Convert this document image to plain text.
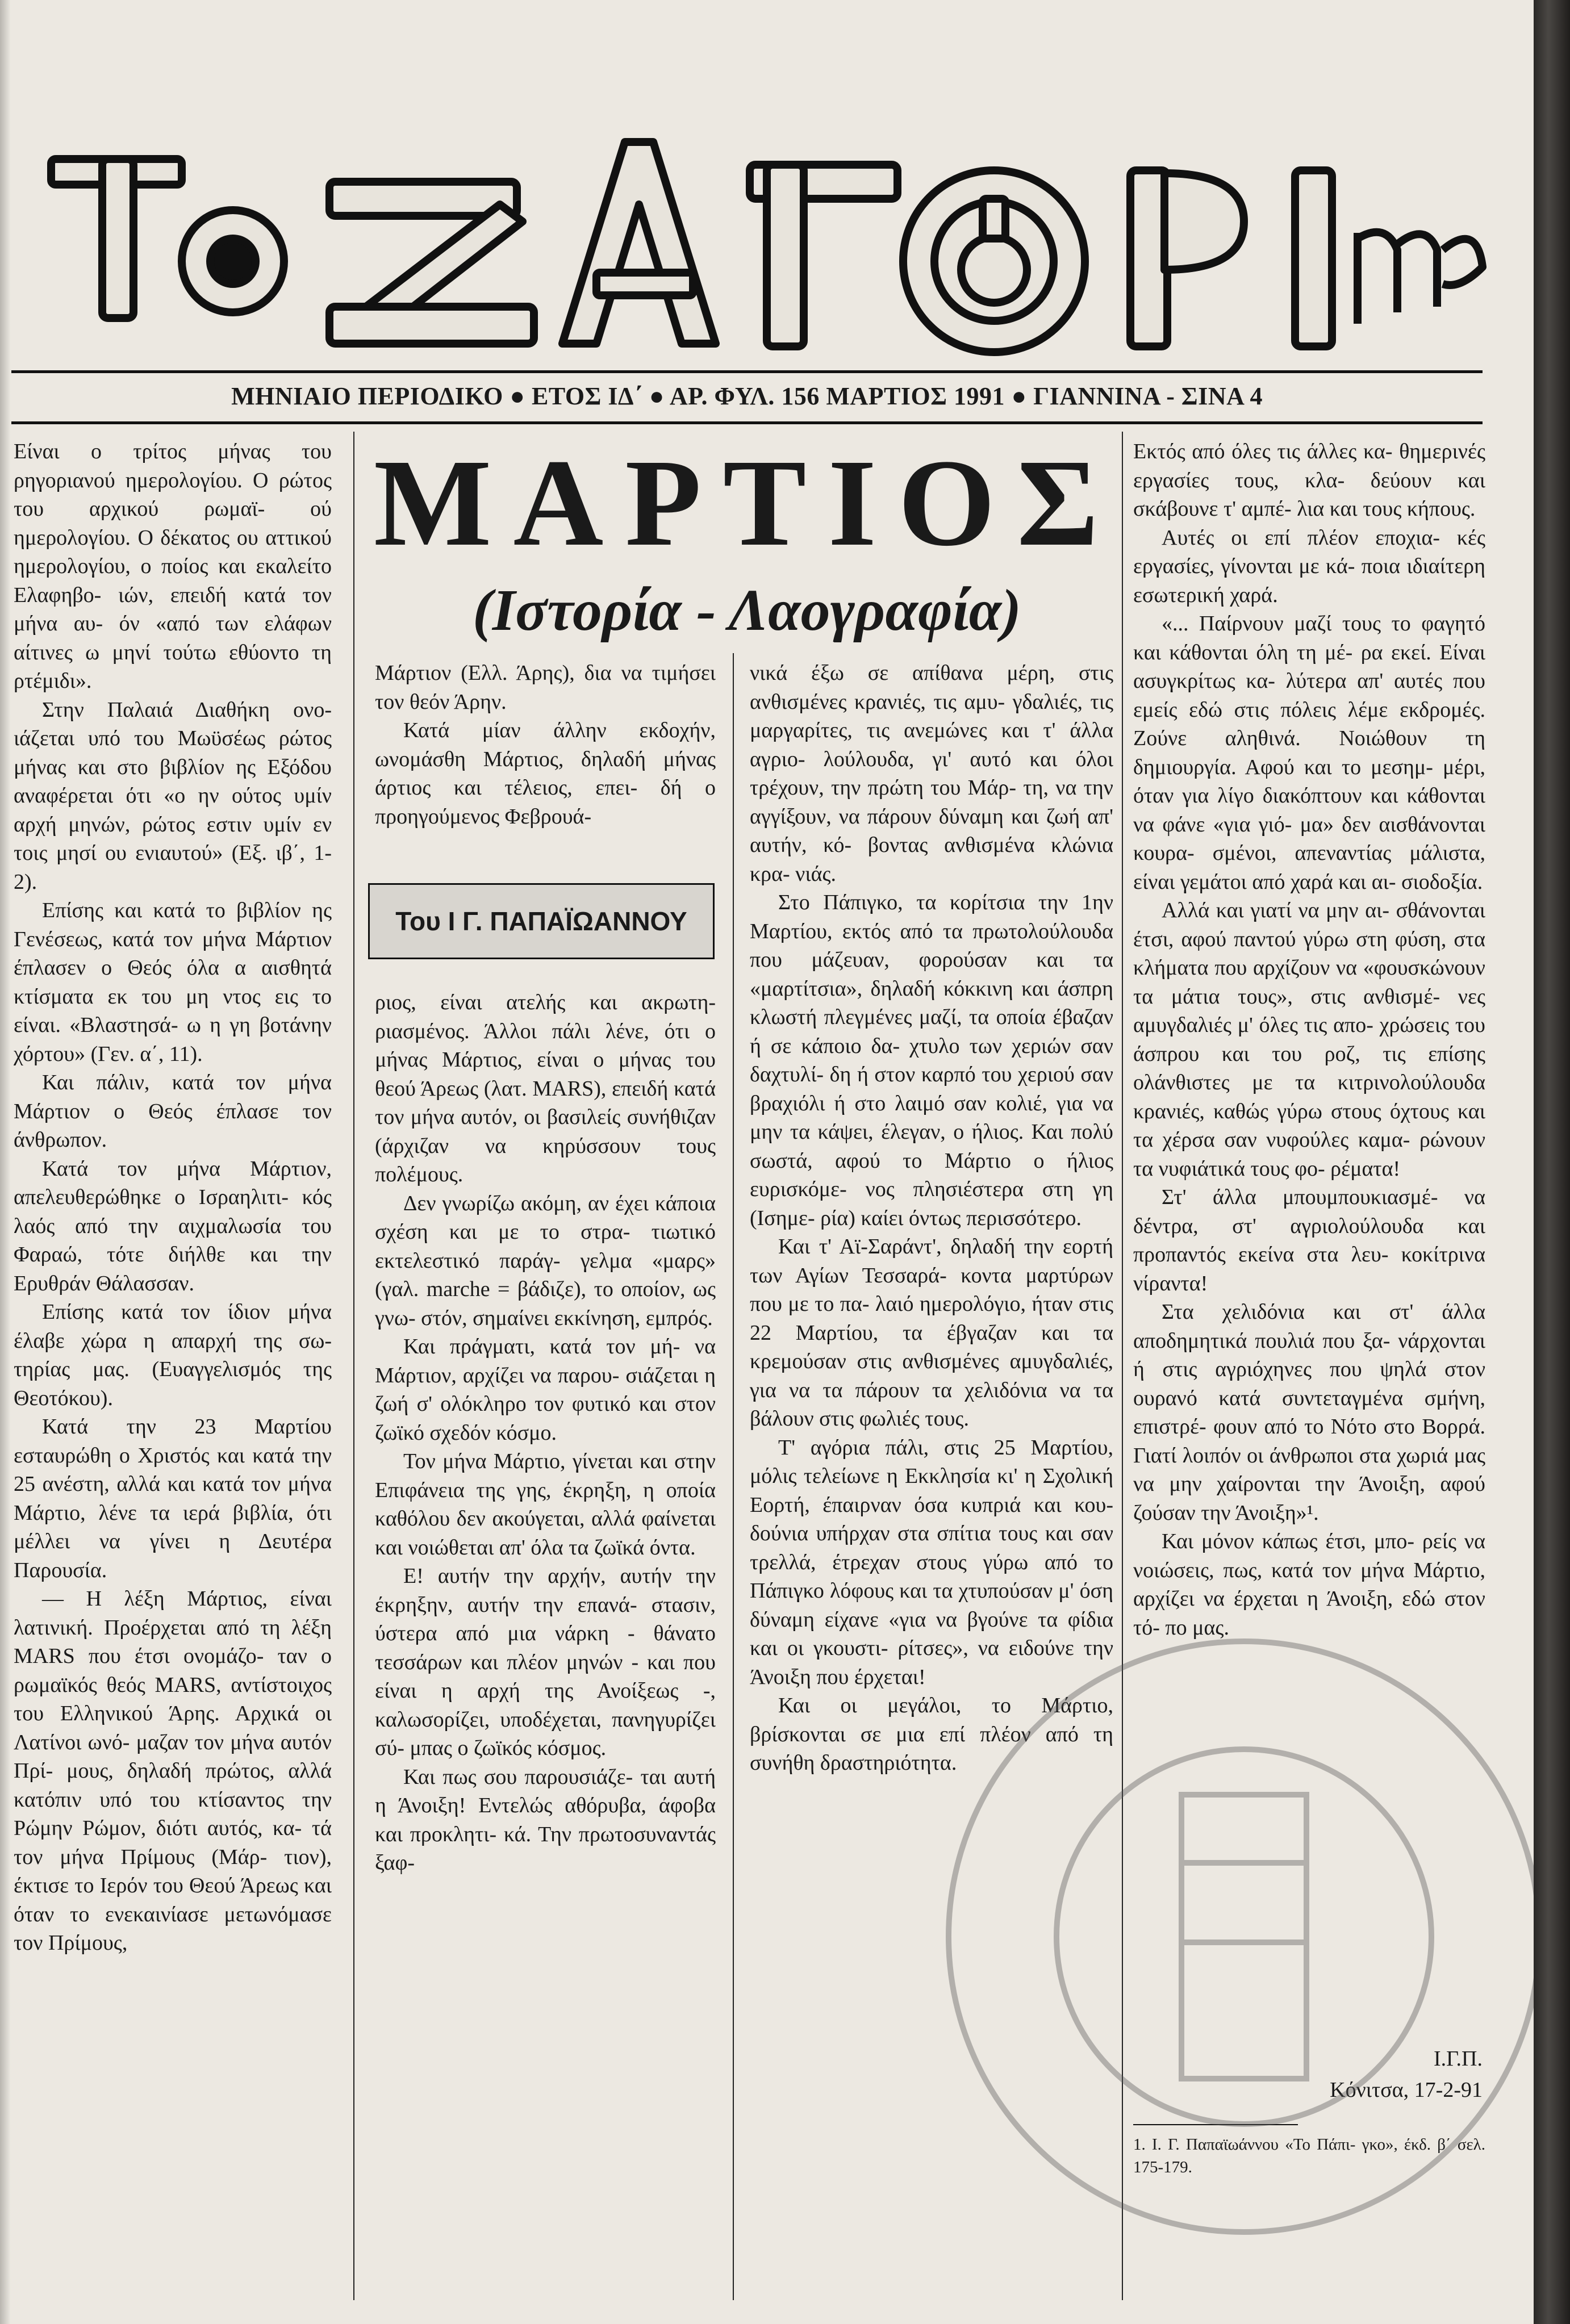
ΜΗΝΙΑΙΟ ΠΕΡΙΟΔΙΚΟ ● ΕΤΟΣ ΙΔ΄ ● ΑΡ. ΦΥΛ. 156 ΜΑΡΤΙΟΣ 1991 ● ΓΙΑΝΝΙΝΑ - ΣΙΝΑ 4
ΜΑΡΤΙΟΣ
(Ιστορία - Λαογραφία)

Είναι ο τρίτος μήνας του ρηγοριανού ημερολογίου. Ο ρώτος του αρχικού ρωμαϊ- ού ημερολογίου. Ο δέκατος ου αττικού ημερολογίου, ο ποίος και εκαλείτο Ελαφηβο- ιών, επειδή κατά τον μήνα αυ- όν «από των ελάφων αίτινες ω μηνί τούτω εθύοντο τη ρτέμιδι».

Στην Παλαιά Διαθήκη ονο- ιάζεται υπό του Μωϋσέως ρώτος μήνας και στο βιβλίον ης Εξόδου αναφέρεται ότι «ο ην ούτος υμίν αρχή μηνών, ρώτος εστιν υμίν εν τοις μησί ου ενιαυτού» (Εξ. ιβ΄, 1-2).

Επίσης και κατά το βιβλίον ης Γενέσεως, κατά τον μήνα Μάρτιον έπλασεν ο Θεός όλα α αισθητά κτίσματα εκ του μη ντος εις το είναι. «Βλαστησά- ω η γη βοτάνην χόρτου» (Γεν. α΄, 11).

Και πάλιν, κατά τον μήνα Μάρτιον ο Θεός έπλασε τον άνθρωπον.

Κατά τον μήνα Μάρτιον, απελευθερώθηκε ο Ισραηλιτι- κός λαός από την αιχμαλωσία του Φαραώ, τότε διήλθε και την Ερυθράν Θάλασσαν.

Επίσης κατά τον ίδιον μήνα έλαβε χώρα η απαρχή της σω- τηρίας μας. (Ευαγγελισμός της Θεοτόκου).

Κατά την 23 Μαρτίου εσταυρώθη ο Χριστός και κατά την 25 ανέστη, αλλά και κατά τον μήνα Μάρτιο, λένε τα ιερά βιβλία, ότι μέλλει να γίνει η Δευτέρα Παρουσία.

— Η λέξη Μάρτιος, είναι λατινική. Προέρχεται από τη λέξη MARS που έτσι ονομάζο- ταν ο ρωμαϊκός θεός MARS, αντίστοιχος του Ελληνικού Άρης. Αρχικά οι Λατίνοι ωνό- μαζαν τον μήνα αυτόν Πρί- μους, δηλαδή πρώτος, αλλά κατόπιν υπό του κτίσαντος την Ρώμην Ρώμον, διότι αυτός, κα- τά τον μήνα Πρίμους (Μάρ- τιον), έκτισε το Ιερόν του Θεού Άρεως και όταν το ενεκαινίασε μετωνόμασε τον Πρίμους,

Μάρτιον (Ελλ. Άρης), δια να τιμήσει τον θεόν Άρην.

Κατά μίαν άλλην εκδοχήν, ωνομάσθη Μάρτιος, δηλαδή μήνας άρτιος και τέλειος, επει- δή ο προηγούμενος Φεβρουά-

Του Ι Γ. ΠΑΠΑΪΩΑΝΝΟΥ

ριος, είναι ατελής και ακρωτη- ριασμένος. Άλλοι πάλι λένε, ότι ο μήνας Μάρτιος, είναι ο μήνας του θεού Άρεως (λατ. MARS), επειδή κατά τον μήνα αυτόν, οι βασιλείς συνήθιζαν (άρχιζαν να κηρύσσουν τους πολέμους.

Δεν γνωρίζω ακόμη, αν έχει κάποια σχέση και με το στρα- τιωτικό εκτελεστικό παράγ- γελμα «μαρς» (γαλ. marche = βάδιζε), το οποίον, ως γνω- στόν, σημαίνει εκκίνηση, εμπρός.

Και πράγματι, κατά τον μή- να Μάρτιον, αρχίζει να παρου- σιάζεται η ζωή σ' ολόκληρο τον φυτικό και στον ζωϊκό σχεδόν κόσμο.

Τον μήνα Μάρτιο, γίνεται και στην Επιφάνεια της γης, έκρηξη, η οποία καθόλου δεν ακούγεται, αλλά φαίνεται και νοιώθεται απ' όλα τα ζωϊκά όντα.

Ε! αυτήν την αρχήν, αυτήν την έκρηξην, αυτήν την επανά- στασιν, ύστερα από μια νάρκη - θάνατο τεσσάρων και πλέον μηνών - και που είναι η αρχή της Ανοίξεως -, καλωσορίζει, υποδέχεται, πανηγυρίζει σύ- μπας ο ζωϊκός κόσμος.

Και πως σου παρουσιάζε- ται αυτή η Άνοιξη! Εντελώς αθόρυβα, άφοβα και προκλητι- κά. Την πρωτοσυναντάς ξαφ-

νικά έξω σε απίθανα μέρη, στις ανθισμένες κρανιές, τις αμυ- γδαλιές, τις μαργαρίτες, τις ανεμώνες και τ' άλλα αγριο- λούλουδα, γι' αυτό και όλοι τρέχουν, την πρώτη του Μάρ- τη, να την αγγίξουν, να πάρουν δύναμη και ζωή απ' αυτήν, κό- βοντας ανθισμένα κλώνια κρα- νιάς.

Στο Πάπιγκο, τα κορίτσια την 1ην Μαρτίου, εκτός από τα πρωτολούλουδα που μάζευαν, φορούσαν και τα «μαρτίτσια», δηλαδή κόκκινη και άσπρη κλωστή πλεγμένες μαζί, τα οποία έβαζαν ή σε κάποιο δα- χτυλο των χεριών σαν δαχτυλί- δη ή στον καρπό του χεριού σαν βραχιόλι ή στο λαιμό σαν κολιέ, για να μην τα κάψει, έλεγαν, ο ήλιος. Και πολύ σωστά, αφού το Μάρτιο ο ήλιος ευρισκόμε- νος πλησιέστερα στη γη (Ισημε- ρία) καίει όντως περισσότερο.

Και τ' Αϊ-Σαράντ', δηλαδή την εορτή των Αγίων Τεσσαρά- κοντα μαρτύρων που με το πα- λαιό ημερολόγιο, ήταν στις 22 Μαρτίου, τα έβγαζαν και τα κρεμούσαν στις ανθισμένες αμυγδαλιές, για να τα πάρουν τα χελιδόνια να τα βάλουν στις φωλιές τους.

Τ' αγόρια πάλι, στις 25 Μαρτίου, μόλις τελείωνε η Εκκλησία κι' η Σχολική Εορτή, έπαιρναν όσα κυπριά και κου- δούνια υπήρχαν στα σπίτια τους και σαν τρελλά, έτρεχαν στους γύρω από το Πάπιγκο λόφους και τα χτυπούσαν μ' όση δύναμη είχανε «για να βγούνε τα φίδια και οι γκουστι- ρίτσες», να ειδούνε την Άνοιξη που έρχεται!

Και οι μεγάλοι, το Μάρτιο, βρίσκονται σε μια επί πλέον από τη συνήθη δραστηριότητα.

Εκτός από όλες τις άλλες κα- θημερινές εργασίες τους, κλα- δεύουν και σκάβουνε τ' αμπέ- λια και τους κήπους.

Αυτές οι επί πλέον εποχια- κές εργασίες, γίνονται με κά- ποια ιδιαίτερη εσωτερική χαρά.

«... Παίρνουν μαζί τους το φαγητό και κάθονται όλη τη μέ- ρα εκεί. Είναι ασυγκρίτως κα- λύτερα απ' αυτές που εμείς εδώ στις πόλεις λέμε εκδρομές. Ζούνε αληθινά. Νοιώθουν τη δημιουργία. Αφού και το μεσημ- μέρι, όταν για λίγο διακόπτουν και κάθονται να φάνε «για γιό- μα» δεν αισθάνονται κουρα- σμένοι, απεναντίας μάλιστα, είναι γεμάτοι από χαρά και αι- σιοδοξία.

Αλλά και γιατί να μην αι- σθάνονται έτσι, αφού παντού γύρω στη φύση, στα κλήματα που αρχίζουν να «φουσκώνουν τα μάτια τους», στις ανθισμέ- νες αμυγδαλιές μ' όλες τις απο- χρώσεις του άσπρου και του ροζ, τις επίσης ολάνθιστες με τα κιτρινολούλουδα κρανιές, καθώς γύρω στους όχτους και τα χέρσα σαν νυφούλες καμα- ρώνουν τα νυφιάτικά τους φο- ρέματα!

Στ' άλλα μπουμπουκιασμέ- να δέντρα, στ' αγριολούλουδα και προπαντός εκείνα στα λευ- κοκίτρινα νίραντα!

Στα χελιδόνια και στ' άλλα αποδημητικά πουλιά που ξα- νάρχονται ή στις αγριόχηνες που ψηλά στον ουρανό κατά συντεταγμένα σμήνη, επιστρέ- φουν από το Νότο στο Βορρά. Γιατί λοιπόν οι άνθρωποι στα χωριά μας να μην χαίρονται την Άνοιξη, αφού ζούσαν την Άνοιξη»¹.

Και μόνον κάπως έτσι, μπο- ρείς να νοιώσεις, πως, κατά τον μήνα Μάρτιο, αρχίζει να έρχεται η Άνοιξη, εδώ στον τό- πο μας.

Ι.Γ.Π.
Κόνιτσα, 17-2-91
1. Ι. Γ. Παπαϊωάννου «Το Πάπι- γκο», έκδ. β΄ σελ. 175-179.
